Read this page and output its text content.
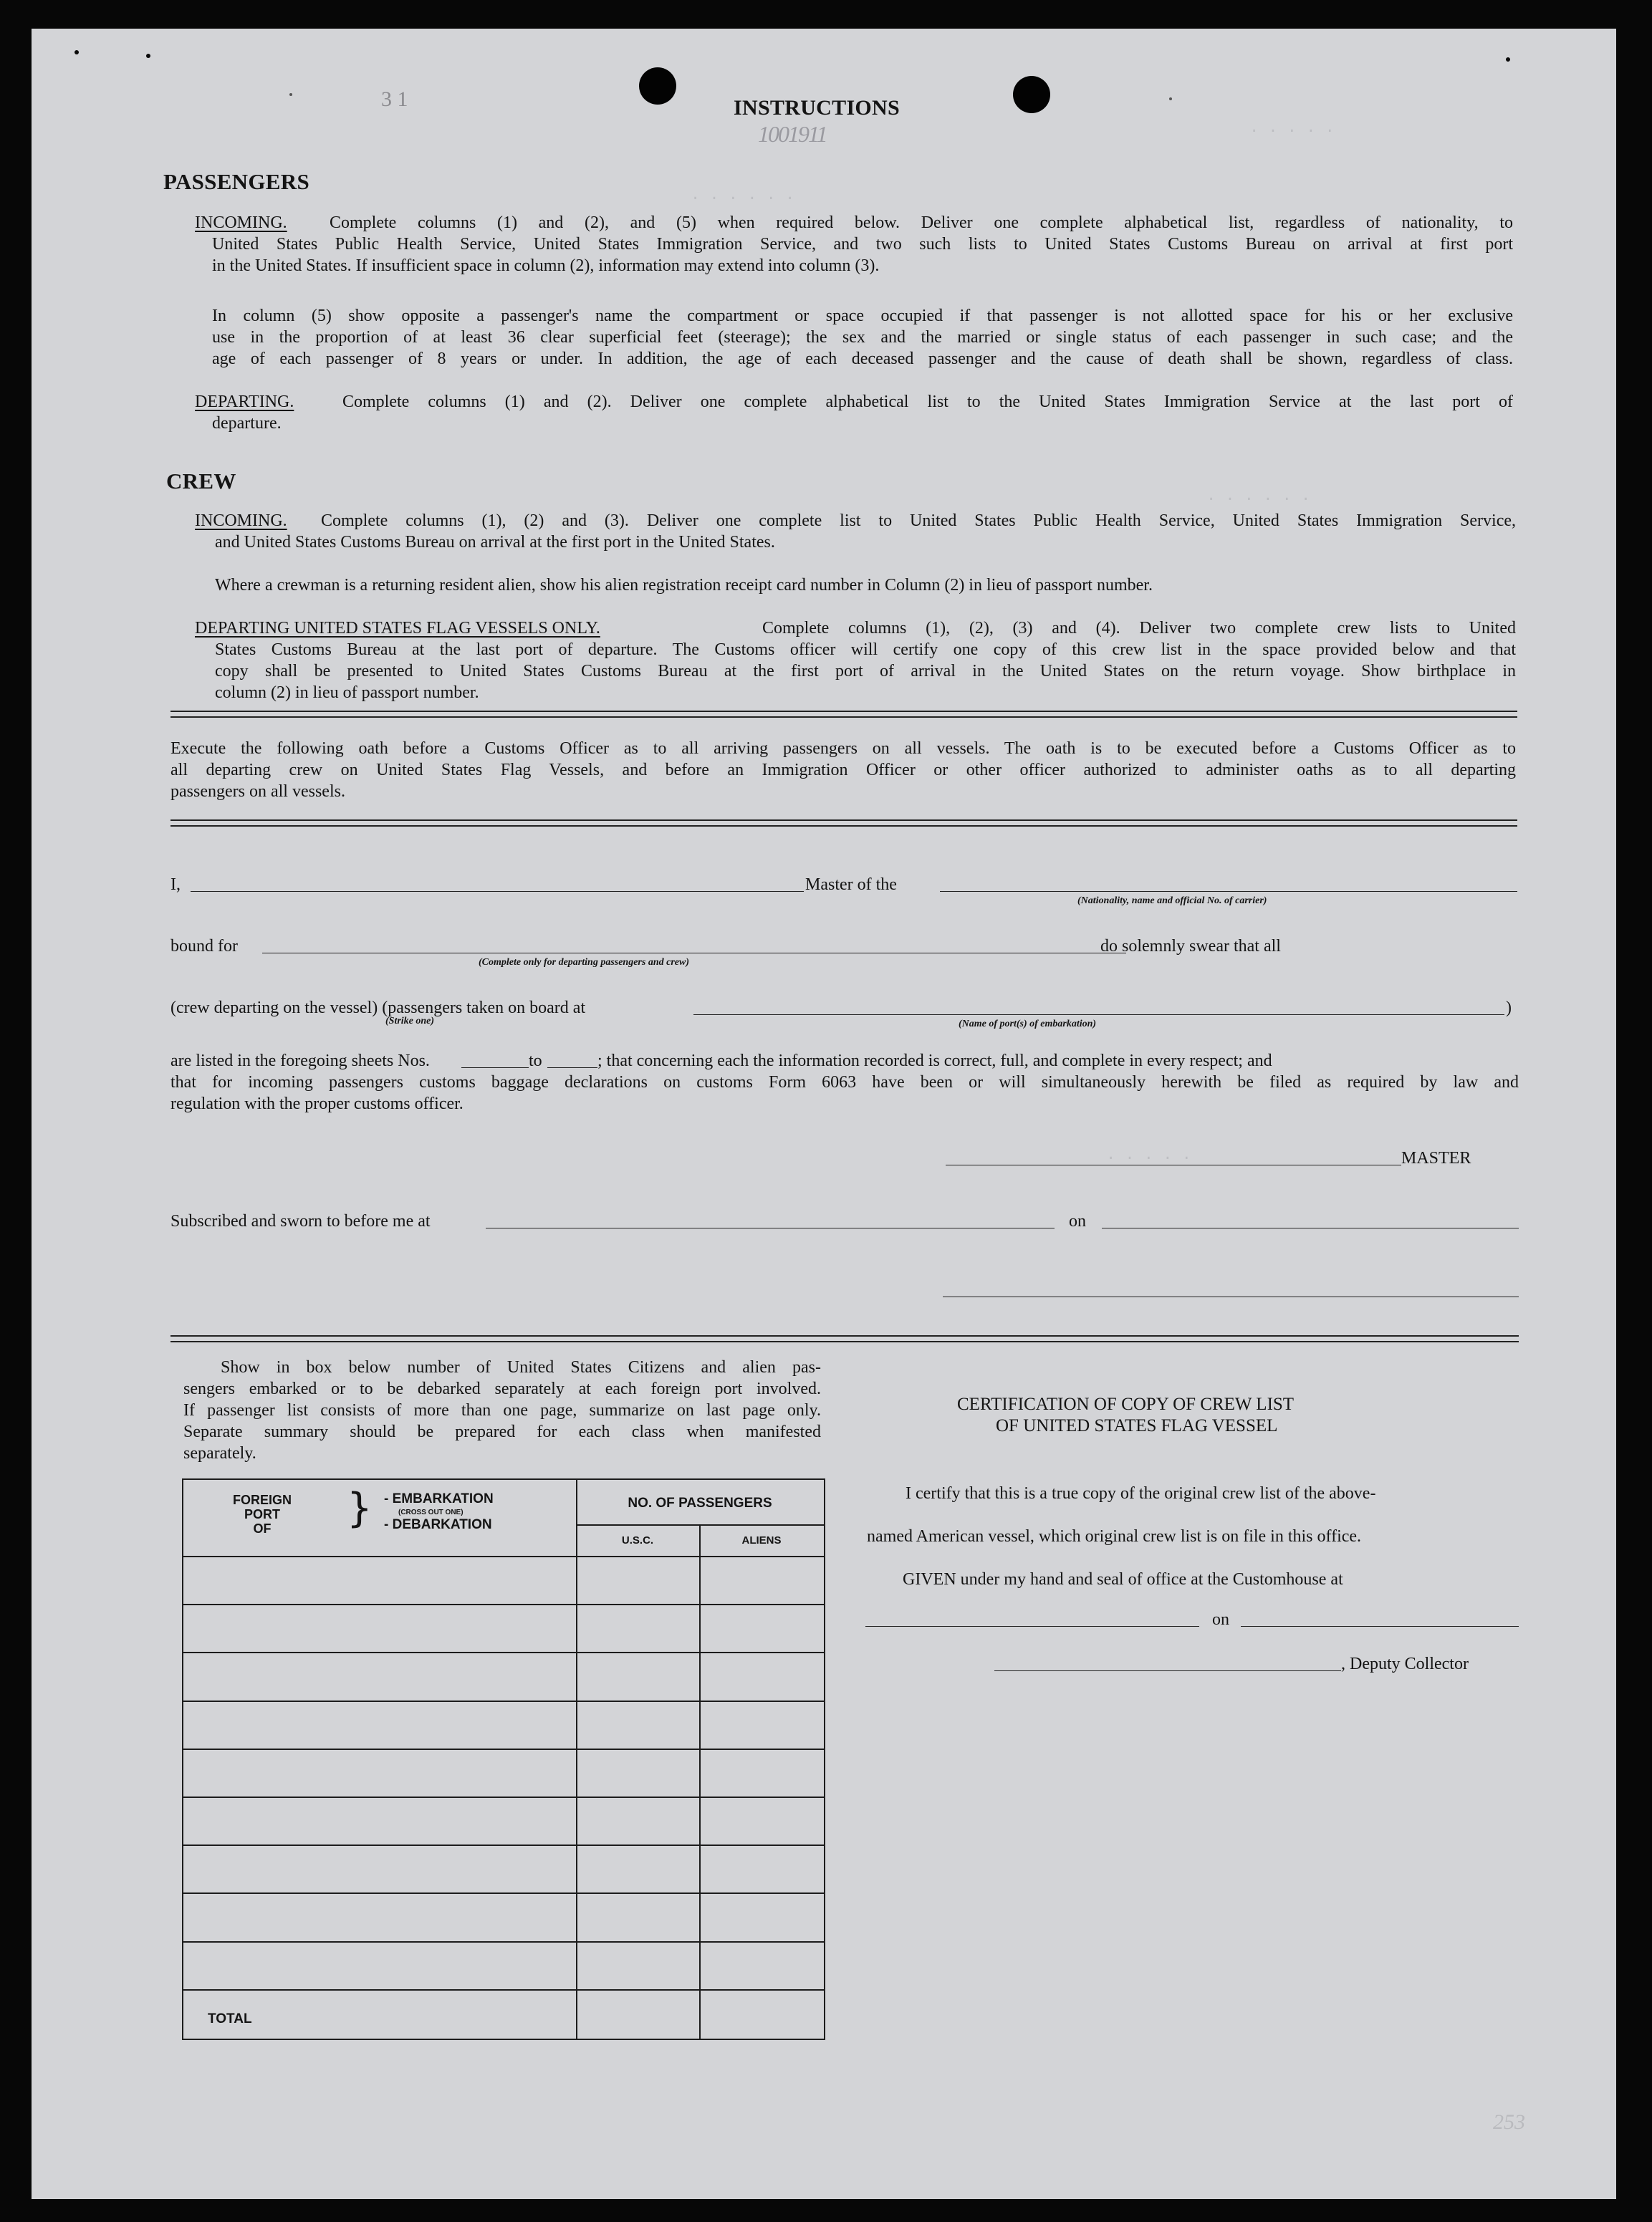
. . . . .
. . . . . .
. . . . . .
. . . . .
3 1	INSTRUCTIONS
1001911
PASSENGERS
INCOMING.	Complete columns (1) and (2), and (5) when required below. Deliver one complete alphabetical list, regardless of nationality, to
United States Public Health Service, United States Immigration Service, and two such lists to United States Customs Bureau on arrival at first port
in the United States. If insufficient space in column (2), information may extend into column (3).
In column (5) show opposite a passenger's name the compartment or space occupied if that passenger is not allotted space for his or her exclusive
use in the proportion of at least 36 clear superficial feet (steerage); the sex and the married or single status of each passenger in such case; and the
age of each passenger of 8 years or under. In addition, the age of each deceased passenger and the cause of death shall be shown, regardless of class.
DEPARTING.	Complete columns (1) and (2). Deliver one complete alphabetical list to the United States Immigration Service at the last port of
departure.
CREW
INCOMING.	Complete columns (1), (2) and (3). Deliver one complete list to United States Public Health Service, United States Immigration Service,
and United States Customs Bureau on arrival at the first port in the United States.
Where a crewman is a returning resident alien, show his alien registration receipt card number in Column (2) in lieu of passport number.
DEPARTING UNITED STATES FLAG VESSELS ONLY.	Complete columns (1), (2), (3) and (4). Deliver two complete crew lists to United
States Customs Bureau at the last port of departure. The Customs officer will certify one copy of this crew list in the space provided below and that
copy shall be presented to United States Customs Bureau at the first port of arrival in the United States on the return voyage. Show birthplace in
column (2) in lieu of passport number.
Execute the following oath before a Customs Officer as to all arriving passengers on all vessels. The oath is to be executed before a Customs Officer as to
all departing crew on United States Flag Vessels, and before an Immigration Officer or other officer authorized to administer oaths as to all departing
passengers on all vessels.
I,	Master of the
(Nationality, name and official No. of carrier)
bound for
(Complete only for departing passengers and crew)
do solemnly swear that all
(crew departing on the vessel) (passengers taken on board at
(Strike one)	(Name of port(s) of embarkation)
)
are listed in the foregoing sheets Nos.	to	; that concerning each the information recorded is correct, full, and complete in every respect; and
that for incoming passengers customs baggage declarations on customs Form 6063 have been or will simultaneously herewith be filed as required by law and
regulation with the proper customs officer.
MASTER
Subscribed and sworn to before me at	on
Show in box below number of United States Citizens and alien pas-
sengers embarked or to be debarked separately at each foreign port involved.
If passenger list consists of more than one page, summarize on last page only.
Separate summary should be prepared for each class when manifested
separately.
FOREIGN
PORT
OF	} - EMBARKATION
(CROSS OUT ONE)
- DEBARKATION
NO. OF PASSENGERS
U.S.C.	ALIENS
TOTAL
CERTIFICATION OF COPY OF CREW LIST
OF UNITED STATES FLAG VESSEL
I certify that this is a true copy of the original crew list of the above-
named American vessel, which original crew list is on file in this office.
GIVEN under my hand and seal of office at the Customhouse at
on
, Deputy Collector
253
